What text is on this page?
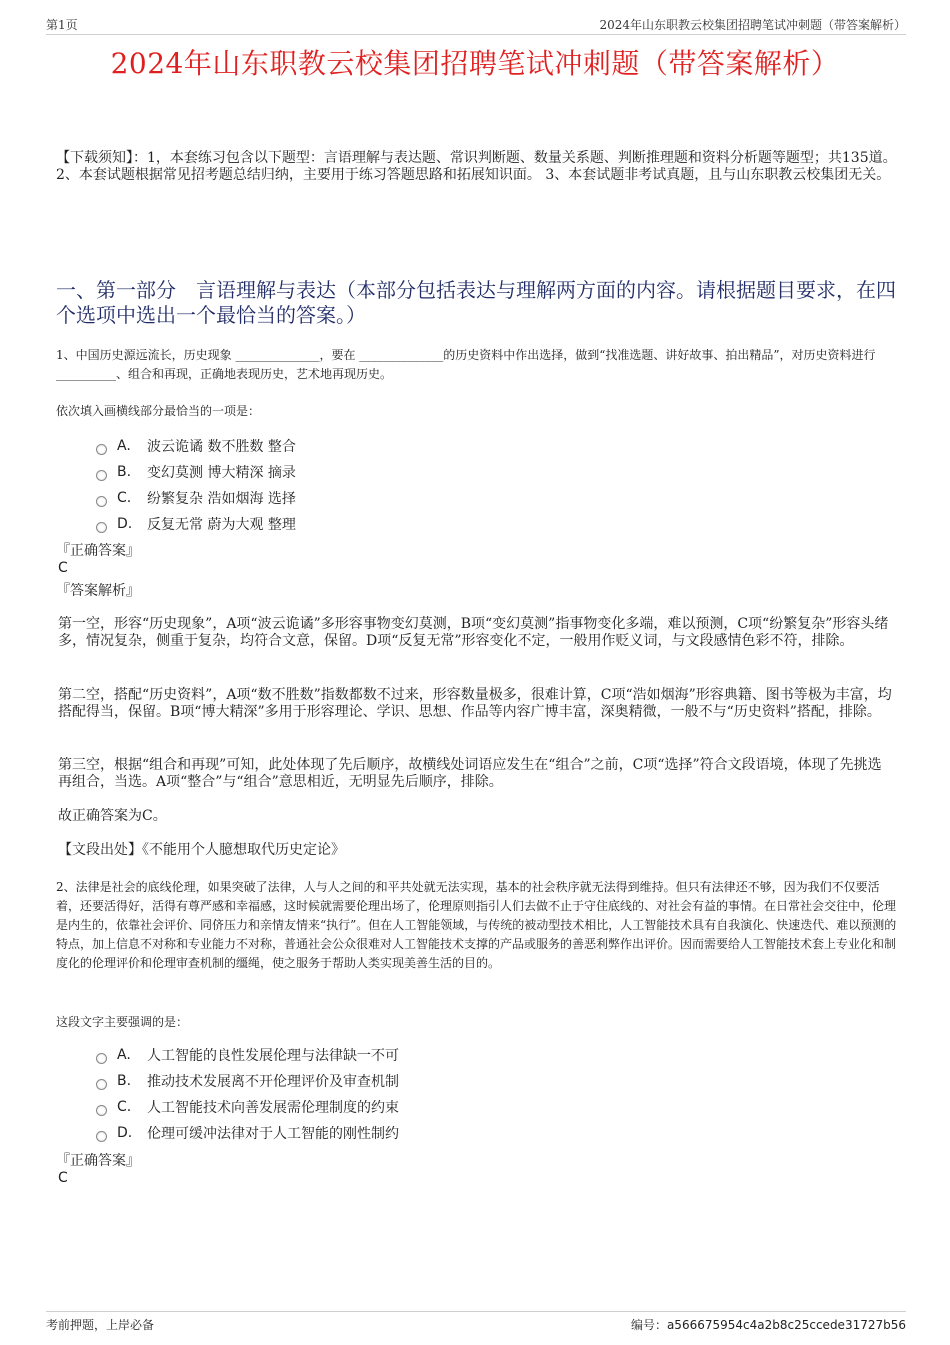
第1页	2024年山东职教云校集团招聘笔试冲刺题（带答案解析）
2024年山东职教云校集团招聘笔试冲刺题（带答案解析）
【下载须知】：1，本套练习包含以下题型：言语理解与表达题、常识判断题、数量关系题、判断推理题和资料分析题等题型；共135道。 2、本套试题根据常见招考题总结归纳，主要用于练习答题思路和拓展知识面。 3、本套试题非考试真题，且与山东职教云校集团无关。
一、第一部分　言语理解与表达（本部分包括表达与理解两方面的内容。请根据题目要求，在四个选项中选出一个最恰当的答案。）
1、中国历史源远流长，历史现象 ______________，要在 ______________的历史资料中作出选择，做到“找准选题、讲好故事、拍出精品”，对历史资料进行 __________、组合和再现，正确地表现历史，艺术地再现历史。
依次填入画横线部分最恰当的一项是：
A.	波云诡谲 数不胜数 整合
B.	变幻莫测 博大精深 摘录
C.	纷繁复杂 浩如烟海 选择
D.	反复无常 蔚为大观 整理
『正确答案』
C
『答案解析』
第一空，形容“历史现象”，A项“波云诡谲”多形容事物变幻莫测，B项“变幻莫测”指事物变化多端，难以预测，C项“纷繁复杂”形容头绪多，情况复杂，侧重于复杂，均符合文意，保留。D项“反复无常”形容变化不定，一般用作贬义词，与文段感情色彩不符，排除。
第二空，搭配“历史资料”，A项“数不胜数”指数都数不过来，形容数量极多，很难计算，C项“浩如烟海”形容典籍、图书等极为丰富，均搭配得当，保留。B项“博大精深”多用于形容理论、学识、思想、作品等内容广博丰富，深奥精微，一般不与“历史资料”搭配，排除。
第三空，根据“组合和再现”可知，此处体现了先后顺序，故横线处词语应发生在“组合”之前，C项“选择”符合文段语境，体现了先挑选再组合，当选。A项“整合”与“组合”意思相近，无明显先后顺序，排除。
故正确答案为C。
【文段出处】《不能用个人臆想取代历史定论》
2、法律是社会的底线伦理，如果突破了法律，人与人之间的和平共处就无法实现，基本的社会秩序就无法得到维持。但只有法律还不够，因为我们不仅要活着，还要活得好，活得有尊严感和幸福感，这时候就需要伦理出场了，伦理原则指引人们去做不止于守住底线的、对社会有益的事情。在日常社会交往中，伦理是内生的，依靠社会评价、同侪压力和亲情友情来“执行”。但在人工智能领域，与传统的被动型技术相比，人工智能技术具有自我演化、快速迭代、难以预测的特点，加上信息不对称和专业能力不对称，普通社会公众很难对人工智能技术支撑的产品或服务的善恶利弊作出评价。因而需要给人工智能技术套上专业化和制度化的伦理评价和伦理审查机制的缰绳，使之服务于帮助人类实现美善生活的目的。
这段文字主要强调的是：
A.	人工智能的良性发展伦理与法律缺一不可
B.	推动技术发展离不开伦理评价及审查机制
C.	人工智能技术向善发展需伦理制度的约束
D.	伦理可缓冲法律对于人工智能的刚性制约
『正确答案』
C
考前押题，上岸必备	编号：a566675954c4a2b8c25ccede31727b56
